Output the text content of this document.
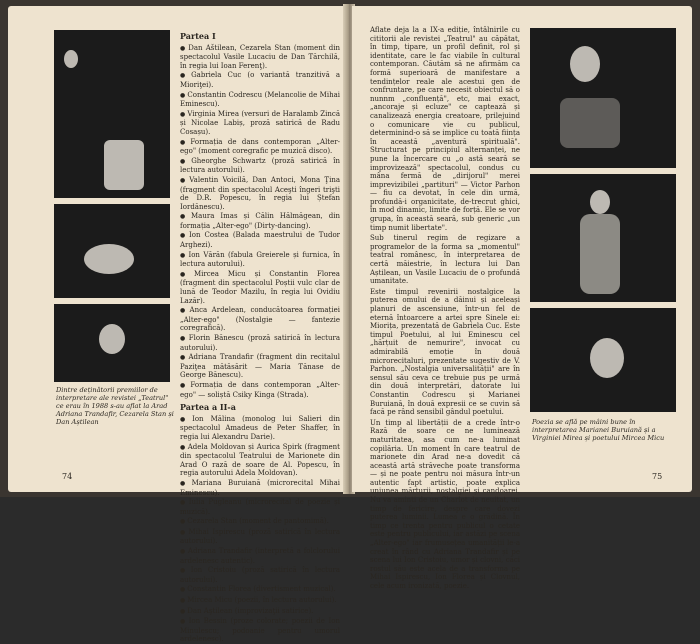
Dintre deținătorii premiilor de interpretare ale revistei „Teatrul" ce erau în 1988 s-au aflat la Arad Adriana Trandafir, Cezarela Stan și Dan Aștilean

Partea I

● Dan Aštilean, Cezarela Stan (moment din spectacolul Vasile Lucaciu de Dan Tărchilă, în regia lui Ioan Ferenţ).

● Gabriela Cuc (o variantă tranzitivă a Mioriţei).

● Constantin Codrescu (Melancolie de Mihai Eminescu).

● Virginia Mirea (versuri de Haralamb Zincă și Nicolae Labiș, proză satirică de Radu Cosașu).

● Formația de dans contemporan „Alter-ego" (moment coregrafic pe muzică disco).

● Gheorghe Schwartz (proză satirică în lectura autorului).

● Valentin Voicilă, Dan Antoci, Mona Ţina (fragment din spectacolul Aceşti îngeri trişti de D.R. Popescu, în regia lui Ștefan Iordănescu).

● Maura Imas și Călin Hălmăgean, din formația „Alter-ego" (Dirty-dancing).

● Ion Costea (Balada maestrului de Tudor Arghezi).

● Ion Vărăn (fabula Greierele și furnica, în lectura autorului).

● Mircea Micu și Constantin Florea (fragment din spectacolul Poștii vulc clar de lună de Teodor Mazilu, în regia lui Ovidiu Lazăr).

● Anca Ardelean, conducătoarea formației „Alter-ego" (Nostalgie — fantezie coregrafică).

● Florin Bănescu (proză satirică în lectura autorului).

● Adriana Trandafir (fragment din recitalul Paziţea mătăsărit — Maria Tănase de George Bănescu).

● Formația de dans contemporan „Alter-ego" — soliștă Csiky Kinga (Strada).

Partea a II-a

● Ion Mălina (monolog lui Salieri din spectacolul Amadeus de Peter Shaffer, în regia lui Alexandru Darie).

● Adela Moldovan și Aurica Spirk (fragment din spectacolul Teatrului de Marionete din Arad O rază de soare de Al. Popescu, în regia autorului Adela Moldovan).

● Mariana Buruiană (microrecital Mihai Eminescu).

● Iulia Pugleanu (microrecital de poezie și muzică).

● Cezarela Stan (moment de pantomimă).

● Mihai Ispirescu (proză satirică în lectura autorului).

● Adriana Trandafir (interpretă a folclorului ardelenesc autentic).

● Ion Cristoiu (proză satirică în lectura autorului).

● Constantin Florea (divertisment muzical).

● Mircea Micu (poezii, în lectura autorului).

● Dan Aştilean (improvizaţii satirice).

● Ion Bessin (proze colorate; poezii de Ion Minulescu; podoanie pentru umorul ardelenesc).

74

Aflate deja la a IX-a ediție, întâlnirile cu cititorii ale revistei „Teatrul" au căpătat, în timp, tipare, un profil definit, rol și identitate, care le fac viabile în cultural contemporan. Căutăm să ne afirmăm ca formă superioară de manifestare a tendințelor reale ale acestui gen de confruntare, pe care necesit obiectul să o nunnm „confluență", etc, mai exact, „ancoraje și ecluze" ce captează și canalizează energia creatoare, prilejuind o comunicare vie cu publicul, determinind-o să se implice cu toată ființa în această „aventură spirituală". Structurat pe principiul alternanței, ne pune la încercare cu „o astă seară se improvizează" spectacolul, condus cu mâna fermă de „dirijorul" merei imprevizibilei „partituri" — Victor Parhon — fiu ca devotat, în cele din urmă, profundă-i organicitate, de-trecrut ghici, în mod dinamic, limite de forță. Ele se vor grupa, în această seară, sub generic „un timp numit libertate".

Sub tinerul regim de regizare a programelor de la forma sa „momentul" teatral românesc, în interpretarea de certă măiestrie, în lectura lui Dan Aștilean, un Vasile Lucaciu de o profundă umanitate.

Este timpul revenirii nostalgice la puterea omului de a dăinui și aceleași planuri de ascensiune, într-un fel de eternă întoarcere a artei spre Sinele ei: Miorița, prezentată de Gabriela Cuc. Este timpul Poetului, al lui Eminescu cel „hărțuit de nemurire", invocat cu admirabilă emoție în două microrecitaluri, prezentate sugestiv de V. Parhon. „Nostalgia universalității" are în sensul său ceva ce trebuie pus pe urmă din două interpretări, datorate lui Constantin Codrescu și Marianei Buruiană, în două expresii ce se cuvin să facă pe rând sensibil gândul poetului.

Un timp al libertății de a crede într-o Rază de soare ce ne luminează maturitatea, asa cum ne-a luminat copilăria. Un moment în care teatrul de marionete din Arad ne-a dovedit că această artă străveche poate transforma — și ne poate pentru noi măsura într-un autentic fapt artistic, poate explica uniunea mărturii, nostalgiei și candoarei. Nu va aminti de un Charlot de neuitat, un timp de fericire, despre care dovezi puterea luminii. Lumea e o grădină. În timp ce trenta pentru publicul o cetate este pentru publicului, iar astăzi pe scena „Alter-ego" iar frumusețea umanității le-a creat în rând cu Adriana Trandafir și pe scena lui Ion Cristoiu, umor și clovni, căci rostul său este acela de a transforma pe Mihai Ispirescu, Ion Florea și Clovnul, cele acum ironizată, poezie.

Poezia se află pe mâini bune în interpretarea Marianei Buruiană și a Virginiei Mirea și poetului Mircea Micu
75
